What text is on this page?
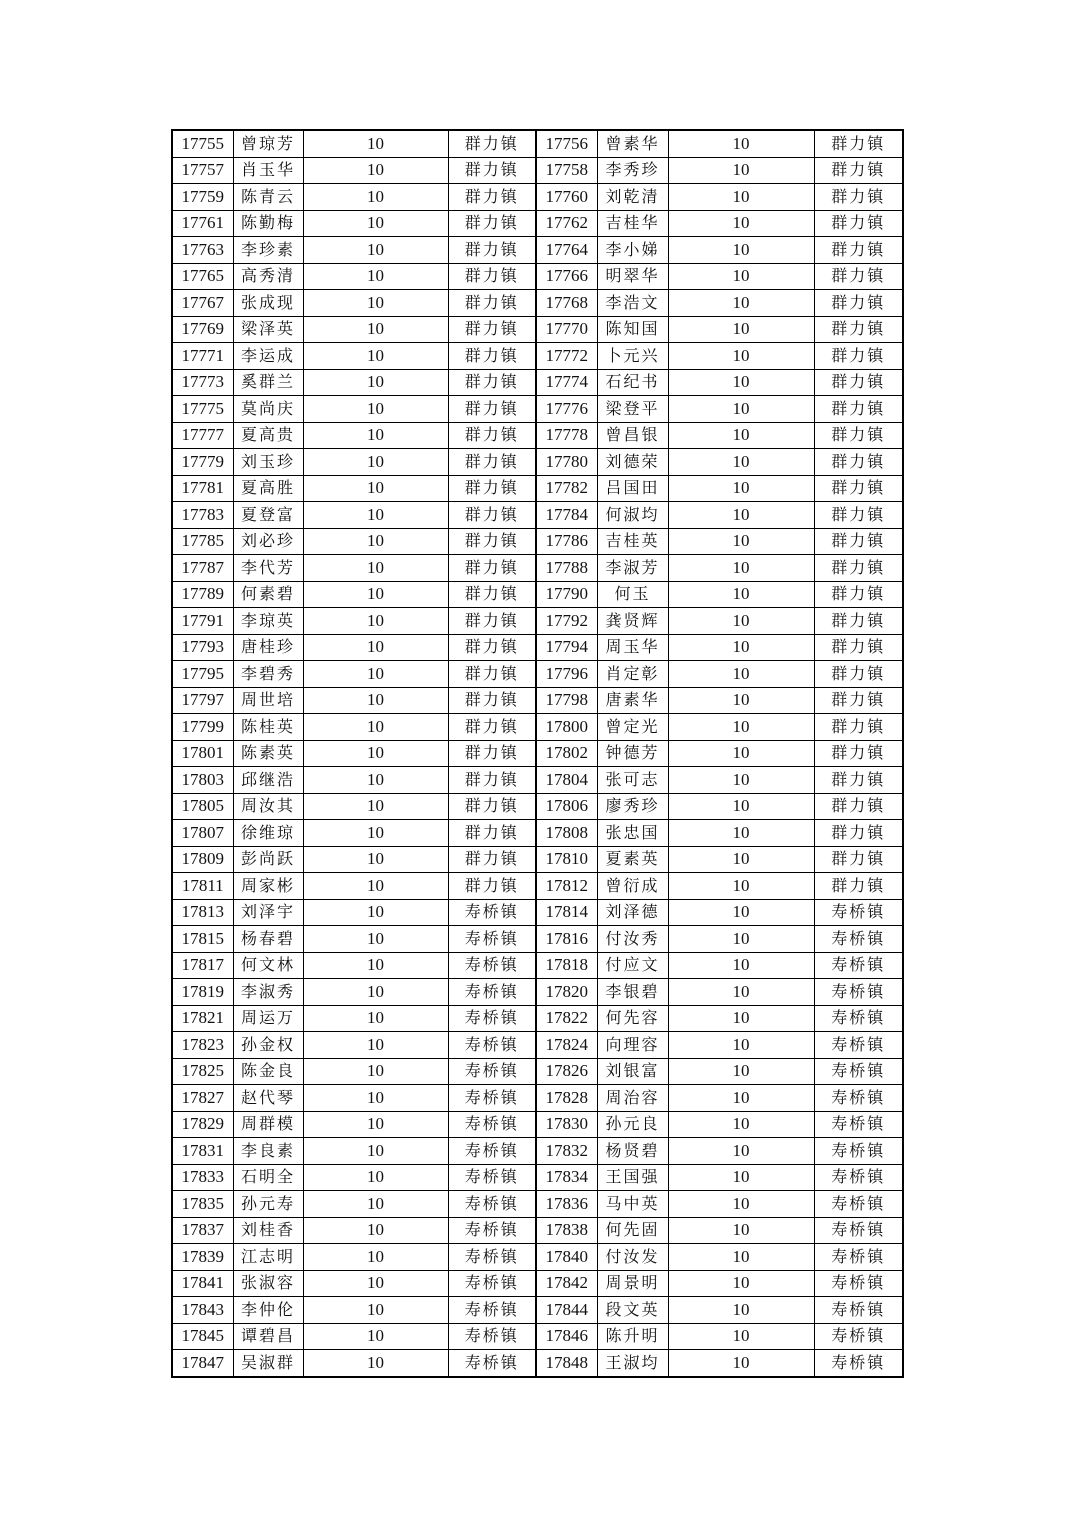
17755	曾琼芳	10	群力镇	17756	曾素华	10	群力镇
17757	肖玉华	10	群力镇	17758	李秀珍	10	群力镇
17759	陈青云	10	群力镇	17760	刘乾清	10	群力镇
17761	陈勤梅	10	群力镇	17762	吉桂华	10	群力镇
17763	李珍素	10	群力镇	17764	李小娣	10	群力镇
17765	高秀清	10	群力镇	17766	明翠华	10	群力镇
17767	张成现	10	群力镇	17768	李浩文	10	群力镇
17769	梁泽英	10	群力镇	17770	陈知国	10	群力镇
17771	李运成	10	群力镇	17772	卜元兴	10	群力镇
17773	奚群兰	10	群力镇	17774	石纪书	10	群力镇
17775	莫尚庆	10	群力镇	17776	梁登平	10	群力镇
17777	夏高贵	10	群力镇	17778	曾昌银	10	群力镇
17779	刘玉珍	10	群力镇	17780	刘德荣	10	群力镇
17781	夏高胜	10	群力镇	17782	吕国田	10	群力镇
17783	夏登富	10	群力镇	17784	何淑均	10	群力镇
17785	刘必珍	10	群力镇	17786	吉桂英	10	群力镇
17787	李代芳	10	群力镇	17788	李淑芳	10	群力镇
17789	何素碧	10	群力镇	17790	何玉	10	群力镇
17791	李琼英	10	群力镇	17792	龚贤辉	10	群力镇
17793	唐桂珍	10	群力镇	17794	周玉华	10	群力镇
17795	李碧秀	10	群力镇	17796	肖定彰	10	群力镇
17797	周世培	10	群力镇	17798	唐素华	10	群力镇
17799	陈桂英	10	群力镇	17800	曾定光	10	群力镇
17801	陈素英	10	群力镇	17802	钟德芳	10	群力镇
17803	邱继浩	10	群力镇	17804	张可志	10	群力镇
17805	周汝其	10	群力镇	17806	廖秀珍	10	群力镇
17807	徐维琼	10	群力镇	17808	张忠国	10	群力镇
17809	彭尚跃	10	群力镇	17810	夏素英	10	群力镇
17811	周家彬	10	群力镇	17812	曾衍成	10	群力镇
17813	刘泽宇	10	寿桥镇	17814	刘泽德	10	寿桥镇
17815	杨春碧	10	寿桥镇	17816	付汝秀	10	寿桥镇
17817	何文林	10	寿桥镇	17818	付应文	10	寿桥镇
17819	李淑秀	10	寿桥镇	17820	李银碧	10	寿桥镇
17821	周运万	10	寿桥镇	17822	何先容	10	寿桥镇
17823	孙金权	10	寿桥镇	17824	向理容	10	寿桥镇
17825	陈金良	10	寿桥镇	17826	刘银富	10	寿桥镇
17827	赵代琴	10	寿桥镇	17828	周治容	10	寿桥镇
17829	周群模	10	寿桥镇	17830	孙元良	10	寿桥镇
17831	李良素	10	寿桥镇	17832	杨贤碧	10	寿桥镇
17833	石明全	10	寿桥镇	17834	王国强	10	寿桥镇
17835	孙元寿	10	寿桥镇	17836	马中英	10	寿桥镇
17837	刘桂香	10	寿桥镇	17838	何先固	10	寿桥镇
17839	江志明	10	寿桥镇	17840	付汝发	10	寿桥镇
17841	张淑容	10	寿桥镇	17842	周景明	10	寿桥镇
17843	李仲伦	10	寿桥镇	17844	段文英	10	寿桥镇
17845	谭碧昌	10	寿桥镇	17846	陈升明	10	寿桥镇
17847	吴淑群	10	寿桥镇	17848	王淑均	10	寿桥镇
